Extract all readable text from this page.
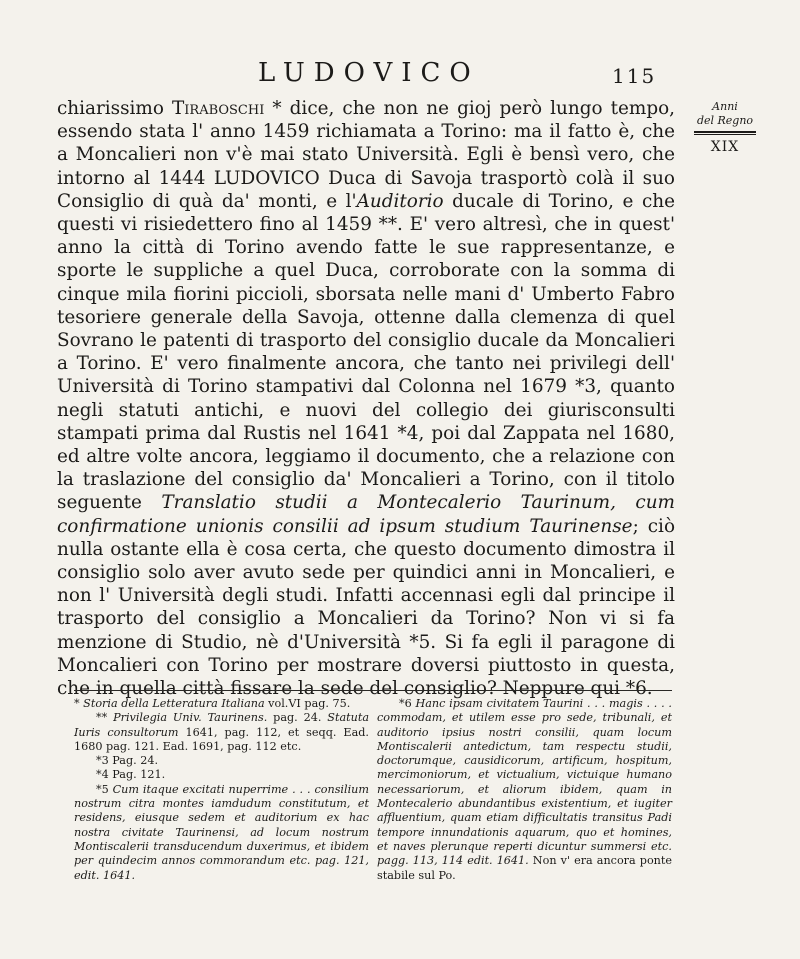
LUDOVICO	115
Anni
del Regno
XIX

chiarissimo Tiraboschi * dice, che non ne gioj però lungo tempo, essendo stata l' anno 1459 richiamata a Torino: ma il fatto è, che a Moncalieri non v'è mai stato Università. Egli è bensì vero, che intorno al 1444 LUDOVICO Duca di Savoja trasportò colà il suo Consiglio di quà da' monti, e l'Auditorio ducale di Torino, e che questi vi risiedettero fino al 1459 **. E' vero altresì, che in quest' anno la città di Torino avendo fatte le sue rappresentanze, e sporte le suppliche a quel Duca, corroborate con la somma di cinque mila fiorini piccioli, sborsata nelle mani d' Umberto Fabro tesoriere generale della Savoja, ottenne dalla clemenza di quel Sovrano le patenti di trasporto del consiglio ducale da Moncalieri a Torino. E' vero finalmente ancora, che tanto nei privilegi dell' Università di Torino stampativi dal Colonna nel 1679 *3, quanto negli statuti antichi, e nuovi del collegio dei giurisconsulti stampati prima dal Rustis nel 1641 *4, poi dal Zappata nel 1680, ed altre volte ancora, leggiamo il documento, che a relazione con la traslazione del consiglio da' Moncalieri a Torino, con il titolo seguente Translatio studii a Montecalerio Taurinum, cum confirmatione unionis consilii ad ipsum studium Taurinense; ciò nulla ostante ella è cosa certa, che questo documento dimostra il consiglio solo aver avuto sede per quindici anni in Moncalieri, e non l' Università degli studi. Infatti accennasi egli dal principe il trasporto del consiglio a Moncalieri da Torino? Non vi si fa menzione di Studio, nè d'Università *5. Si fa egli il paragone di Moncalieri con Torino per mostrare doversi piuttosto in questa, che in quella città fissare la sede del consiglio? Neppure qui *6.

* Storia della Letteratura Italiana vol.VI pag. 75.

** Privilegia Univ. Taurinens. pag. 24. Statuta Iuris consultorum 1641, pag. 112, et seqq. Ead. 1680 pag. 121. Ead. 1691, pag. 112 etc.

*3 Pag. 24.

*4 Pag. 121.

*5 Cum itaque excitati nuperrime . . . consilium nostrum citra montes iamdudum constitutum, et residens, eiusque sedem et auditorium ex hac nostra civitate Taurinensi, ad locum nostrum Montiscalerii transducendum duxerimus, et ibidem per quindecim annos commorandum etc. pag. 121, edit. 1641.

*6 Hanc ipsam civitatem Taurini . . . magis . . . . commodam, et utilem esse pro sede, tribunali, et auditorio ipsius nostri consilii, quam locum Montiscalerii antedictum, tam respectu studii, doctorumque, causidicorum, artificum, hospitum, mercimoniorum, et victualium, victuique humano necessariorum, et aliorum ibidem, quam in Montecalerio abundantibus existentium, et iugiter affluentium, quam etiam difficultatis transitus Padi tempore innundationis aquarum, quo et homines, et naves plerunque reperti dicuntur summersi etc. pagg. 113, 114 edit. 1641. Non v' era ancora ponte stabile sul Po.
